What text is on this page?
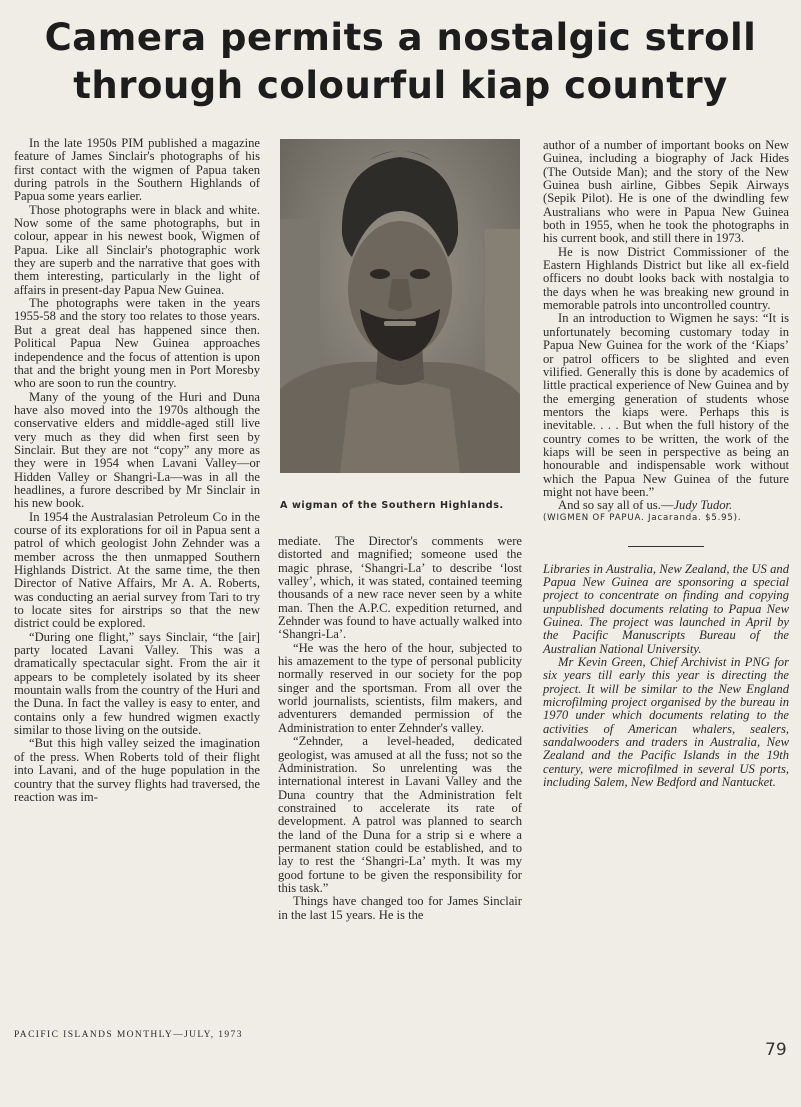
Camera permits a nostalgic stroll
through colourful kiap country

In the late 1950s PIM published a magazine feature of James Sinclair's photographs of his first contact with the wigmen of Papua taken during patrols in the Southern Highlands of Papua some years earlier.

Those photographs were in black and white. Now some of the same photographs, but in colour, appear in his newest book, Wigmen of Papua. Like all Sinclair's photographic work they are superb and the narrative that goes with them interesting, particularly in the light of affairs in present-day Papua New Guinea.

The photographs were taken in the years 1955-58 and the story too relates to those years. But a great deal has happened since then. Political Papua New Guinea approaches independence and the focus of attention is upon that and the bright young men in Port Moresby who are soon to run the country.

Many of the young of the Huri and Duna have also moved into the 1970s although the conservative elders and middle-aged still live very much as they did when first seen by Sinclair. But they are not “copy” any more as they were in 1954 when Lavani Valley—or Hidden Valley or Shangri-La—was in all the headlines, a furore described by Mr Sinclair in his new book.

In 1954 the Australasian Petroleum Co in the course of its explorations for oil in Papua sent a patrol of which geologist John Zehnder was a member across the then unmapped Southern Highlands District. At the same time, the then Director of Native Affairs, Mr A. A. Roberts, was conducting an aerial survey from Tari to try to locate sites for airstrips so that the new district could be explored.

“During one flight,” says Sinclair, “the [air] party located Lavani Valley. This was a dramatically spectacular sight. From the air it appears to be completely isolated by its sheer mountain walls from the country of the Huri and the Duna. In fact the valley is easy to enter, and contains only a few hundred wigmen exactly similar to those living on the outside.

“But this high valley seized the imagination of the press. When Roberts told of their flight into Lavani, and of the huge population in the country that the survey flights had traversed, the reaction was im-

A wigman of the Southern Highlands.

mediate. The Director's comments were distorted and magnified; someone used the magic phrase, ‘Shangri-La’ to describe ‘lost valley’, which, it was stated, contained teeming thousands of a new race never seen by a white man. Then the A.P.C. expedition returned, and Zehnder was found to have actually walked into ‘Shangri-La’.

“He was the hero of the hour, subjected to his amazement to the type of personal publicity normally reserved in our society for the pop singer and the sportsman. From all over the world journalists, scientists, film makers, and adventurers demanded permission of the Administration to enter Zehnder's valley.

“Zehnder, a level-headed, dedicated geologist, was amused at all the fuss; not so the Administration. So unrelenting was the international interest in Lavani Valley and the Duna country that the Administration felt constrained to accelerate its rate of development. A patrol was planned to search the land of the Duna for a strip si e where a permanent station could be established, and to lay to rest the ‘Shangri-La’ myth. It was my good fortune to be given the responsibility for this task.”

Things have changed too for James Sinclair in the last 15 years. He is the

author of a number of important books on New Guinea, including a biography of Jack Hides (The Outside Man); and the story of the New Guinea bush airline, Gibbes Sepik Airways (Sepik Pilot). He is one of the dwindling few Australians who were in Papua New Guinea both in 1955, when he took the photographs in his current book, and still there in 1973.

He is now District Commissioner of the Eastern Highlands District but like all ex-field officers no doubt looks back with nostalgia to the days when he was breaking new ground in memorable patrols into uncontrolled country.

In an introduction to Wigmen he says: “It is unfortunately becoming customary today in Papua New Guinea for the work of the ‘Kiaps’ or patrol officers to be slighted and even vilified. Generally this is done by academics of little practical experience of New Guinea and by the emerging generation of students whose mentors the kiaps were. Perhaps this is inevitable. . . . But when the full history of the country comes to be written, the work of the kiaps will be seen in perspective as being an honourable and indispensable work without which the Papua New Guinea of the future might not have been.”

And so say all of us.—Judy Tudor.

(WIGMEN OF PAPUA. Jacaranda. $5.95).

Libraries in Australia, New Zealand, the US and Papua New Guinea are sponsoring a special project to concentrate on finding and copying unpublished documents relating to Papua New Guinea. The project was launched in April by the Pacific Manuscripts Bureau of the Australian National University.

Mr Kevin Green, Chief Archivist in PNG for six years till early this year is directing the project. It will be similar to the New England microfilming project organised by the bureau in 1970 under which documents relating to the activities of American whalers, sealers, sandalwooders and traders in Australia, New Zealand and the Pacific Islands in the 19th century, were microfilmed in several US ports, including Salem, New Bedford and Nantucket.

PACIFIC ISLANDS MONTHLY—JULY, 1973
79
